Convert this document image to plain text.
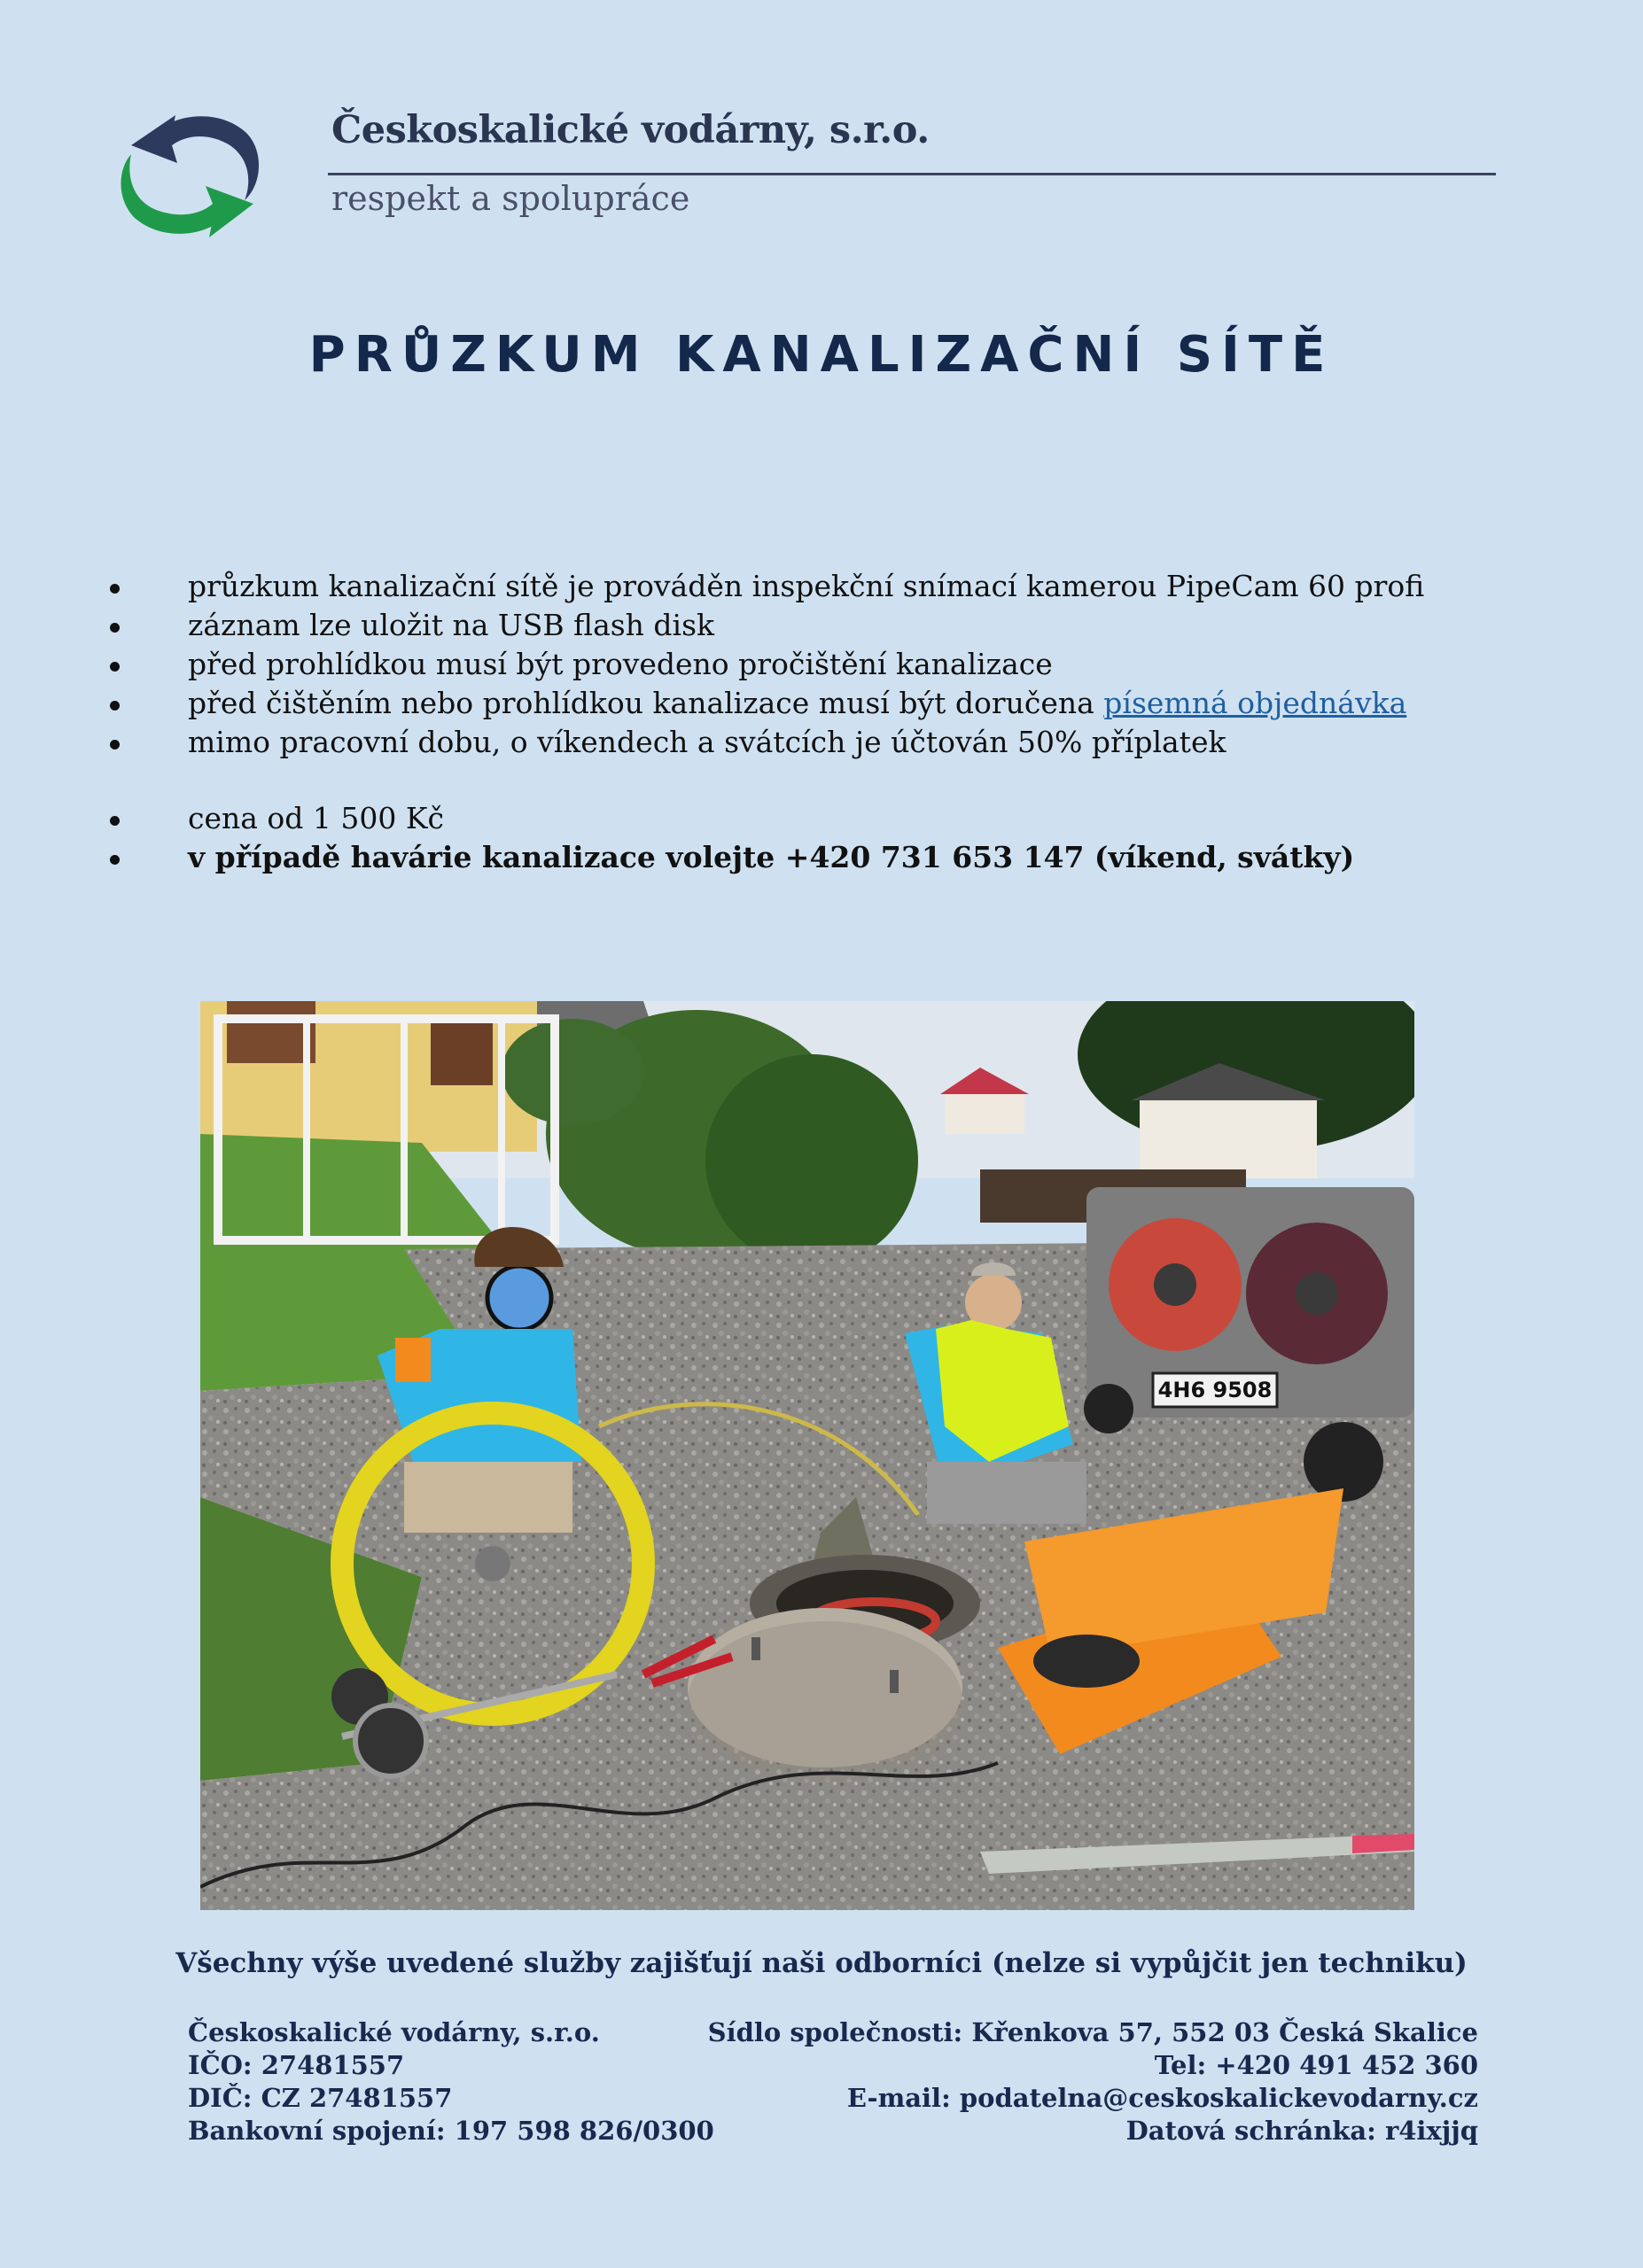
Českoskalické vodárny, s.r.o.
respekt a spolupráce
PRŮZKUM KANALIZAČNÍ SÍTĚ
průzkum kanalizační sítě je prováděn inspekční snímací kamerou PipeCam 60 profi
záznam lze uložit na USB flash disk
před prohlídkou musí být provedeno pročištění kanalizace
před čištěním nebo prohlídkou kanalizace musí být doručena písemná objednávka
mimo pracovní dobu, o víkendech a svátcích je účtován 50% příplatek
cena od 1 500 Kč
v případě havárie kanalizace volejte +420 731 653 147 (víkend, svátky)
4H6 9508
Všechny výše uvedené služby zajišťují naši odborníci (nelze si vypůjčit jen techniku)
Českoskalické vodárny, s.r.o.
IČO: 27481557
DIČ: CZ 27481557
Bankovní spojení: 197 598 826/0300
Sídlo společnosti: Křenkova 57, 552 03 Česká Skalice
Tel: +420 491 452 360
E-mail: podatelna@ceskoskalickevodarny.cz
Datová schránka: r4ixjjq
